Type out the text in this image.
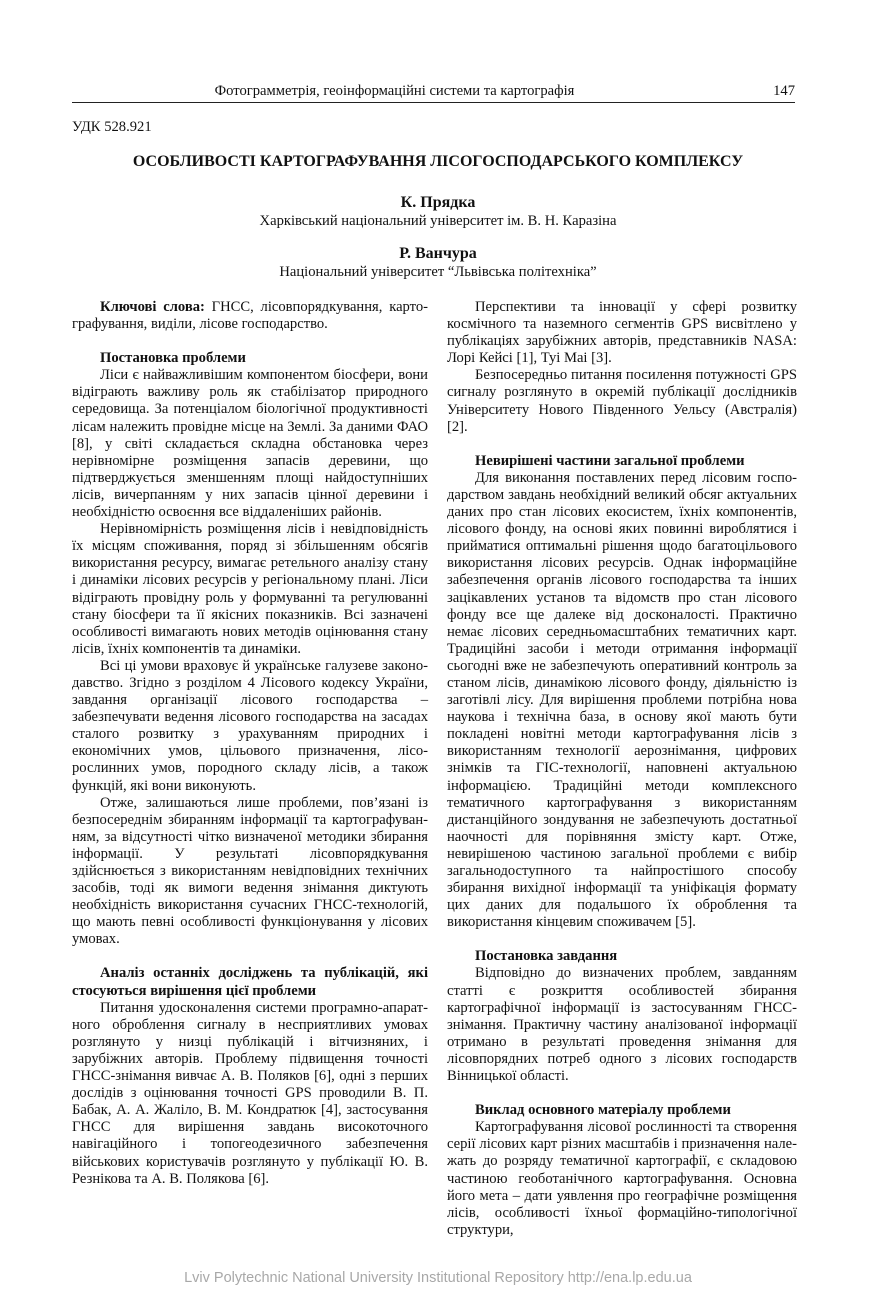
Фотограмметрія, геоінформаційні системи та картографія	147
УДК 528.921
ОСОБЛИВОСТІ КАРТОГРАФУВАННЯ ЛІСОГОСПОДАРСЬКОГО КОМПЛЕКСУ
К. Прядка
Харківський національний університет ім. В. Н. Каразіна
Р. Ванчура
Національний університет “Львівська політехніка”

Ключові слова: ГНСС, лісовпорядкування, картографування, виділи, лісове господарство.

Постановка проблеми

Ліси є найважливішим компонентом біосфери, вони відіграють важливу роль як стабілізатор природного середовища. За потенціалом біологічної продуктивності лісам належить провідне місце на Землі. За даними ФАО [8], у світі складається складна обстановка через нерівномірне розміщення запасів деревини, що підтверджується зменшенням площі найдоступніших лісів, вичерпанням у них запасів цінної деревини і необхідністю освоєння все віддаленіших районів.

Нерівномірність розміщення лісів і невідповідність їх місцям споживання, поряд зі збільшенням обсягів використання ресурсу, вимагає ретельного аналізу стану і динаміки лісових ресурсів у регіональному плані. Ліси відіграють провідну роль у формуванні та регулюванні стану біосфери та її якісних показників. Всі зазначені особливості вимагають нових методів оцінювання стану лісів, їхніх компонентів та динаміки.

Всі ці умови враховує й українське галузеве законодавство. Згідно з розділом 4 Лісового кодексу України, завдання організації лісового господарства – забезпечувати ведення лісового господарства на засадах сталого розвитку з урахуванням природних і економічних умов, цільового призначення, лісорослинних умов, породного складу лісів, а також функцій, які вони виконують.

Отже, залишаються лише проблеми, пов’язані із безпосереднім збиранням інформації та картографуванням, за відсутності чітко визначеної методики збирання інформації. У результаті лісовпорядкування здійснюється з використанням невідповідних технічних засобів, тоді як вимоги ведення знімання диктують необхідність використання сучасних ГНСС-технологій, що мають певні особливості функціонування у лісових умовах.

Аналіз останніх досліджень та публікацій, які стосуються вирішення цієї проблеми

Питання удосконалення системи програмно-апаратного оброблення сигналу в несприятливих умовах розглянуто у низці публікацій і вітчизняних, і зарубіжних авторів. Проблему підвищення точності ГНСС-знімання вивчає А. В. Поляков [6], одні з перших дослідів з оцінювання точності GPS проводили В. П. Бабак, А. А. Жаліло, В. М. Кондратюк [4], застосування ГНСС для вирішення завдань високоточного навігаційного і топогеодезичного забезпечення військових користувачів розглянуто у публікації Ю. В. Резнікова та А. В. Полякова [6].

Перспективи та інновації у сфері розвитку космічного та наземного сегментів GPS висвітлено у публікаціях зарубіжних авторів, представників NASA: Лорі Кейсі [1], Туі Маі [3].

Безпосередньо питання посилення потужності GPS сигналу розглянуто в окремій публікації дослідників Університету Нового Південного Уельсу (Австралія) [2].

Невирішені частини загальної проблеми

Для виконання поставлених перед лісовим господарством завдань необхідний великий обсяг актуальних даних про стан лісових екосистем, їхніх компонентів, лісового фонду, на основі яких повинні вироблятися і прийматися оптимальні рішення щодо багатоцільового використання лісових ресурсів. Однак інформаційне забезпечення органів лісового господарства та інших зацікавлених установ та відомств про стан лісового фонду все ще далеке від досконалості. Практично немає лісових середньомасштабних тематичних карт. Традиційні засоби і методи отримання інформації сьогодні вже не забезпечують оперативний контроль за станом лісів, динамікою лісового фонду, діяльністю із заготівлі лісу. Для вирішення проблеми потрібна нова наукова і технічна база, в основу якої мають бути покладені новітні методи картографування лісів з використанням технології аерознімання, цифрових знімків та ГІС-технології, наповнені актуальною інформацією. Традиційні методи комплексного тематичного картографування з використанням дистанційного зондування не забезпечують достатньої наочності для порівняння змісту карт. Отже, невирішеною частиною загальної проблеми є вибір загальнодоступного та найпростішого способу збирання вихідної інформації та уніфікація формату цих даних для подальшого їх оброблення та використання кінцевим споживачем [5].

Постановка завдання

Відповідно до визначених проблем, завданням статті є розкриття особливостей збирання картографічної інформації із застосуванням ГНСС-знімання. Практичну частину аналізованої інформації отримано в результаті проведення знімання для лісовпорядних потреб одного з лісових господарств Вінницької області.

Виклад основного матеріалу проблеми

Картографування лісової рослинності та створення серії лісових карт різних масштабів і призначення належать до розряду тематичної картографії, є складовою частиною геоботанічного картографування. Основна його мета – дати уявлення про географічне розміщення лісів, особливості їхньої формаційно-типологічної структури,

Lviv Polytechnic National University Institutional Repository http://ena.lp.edu.ua
